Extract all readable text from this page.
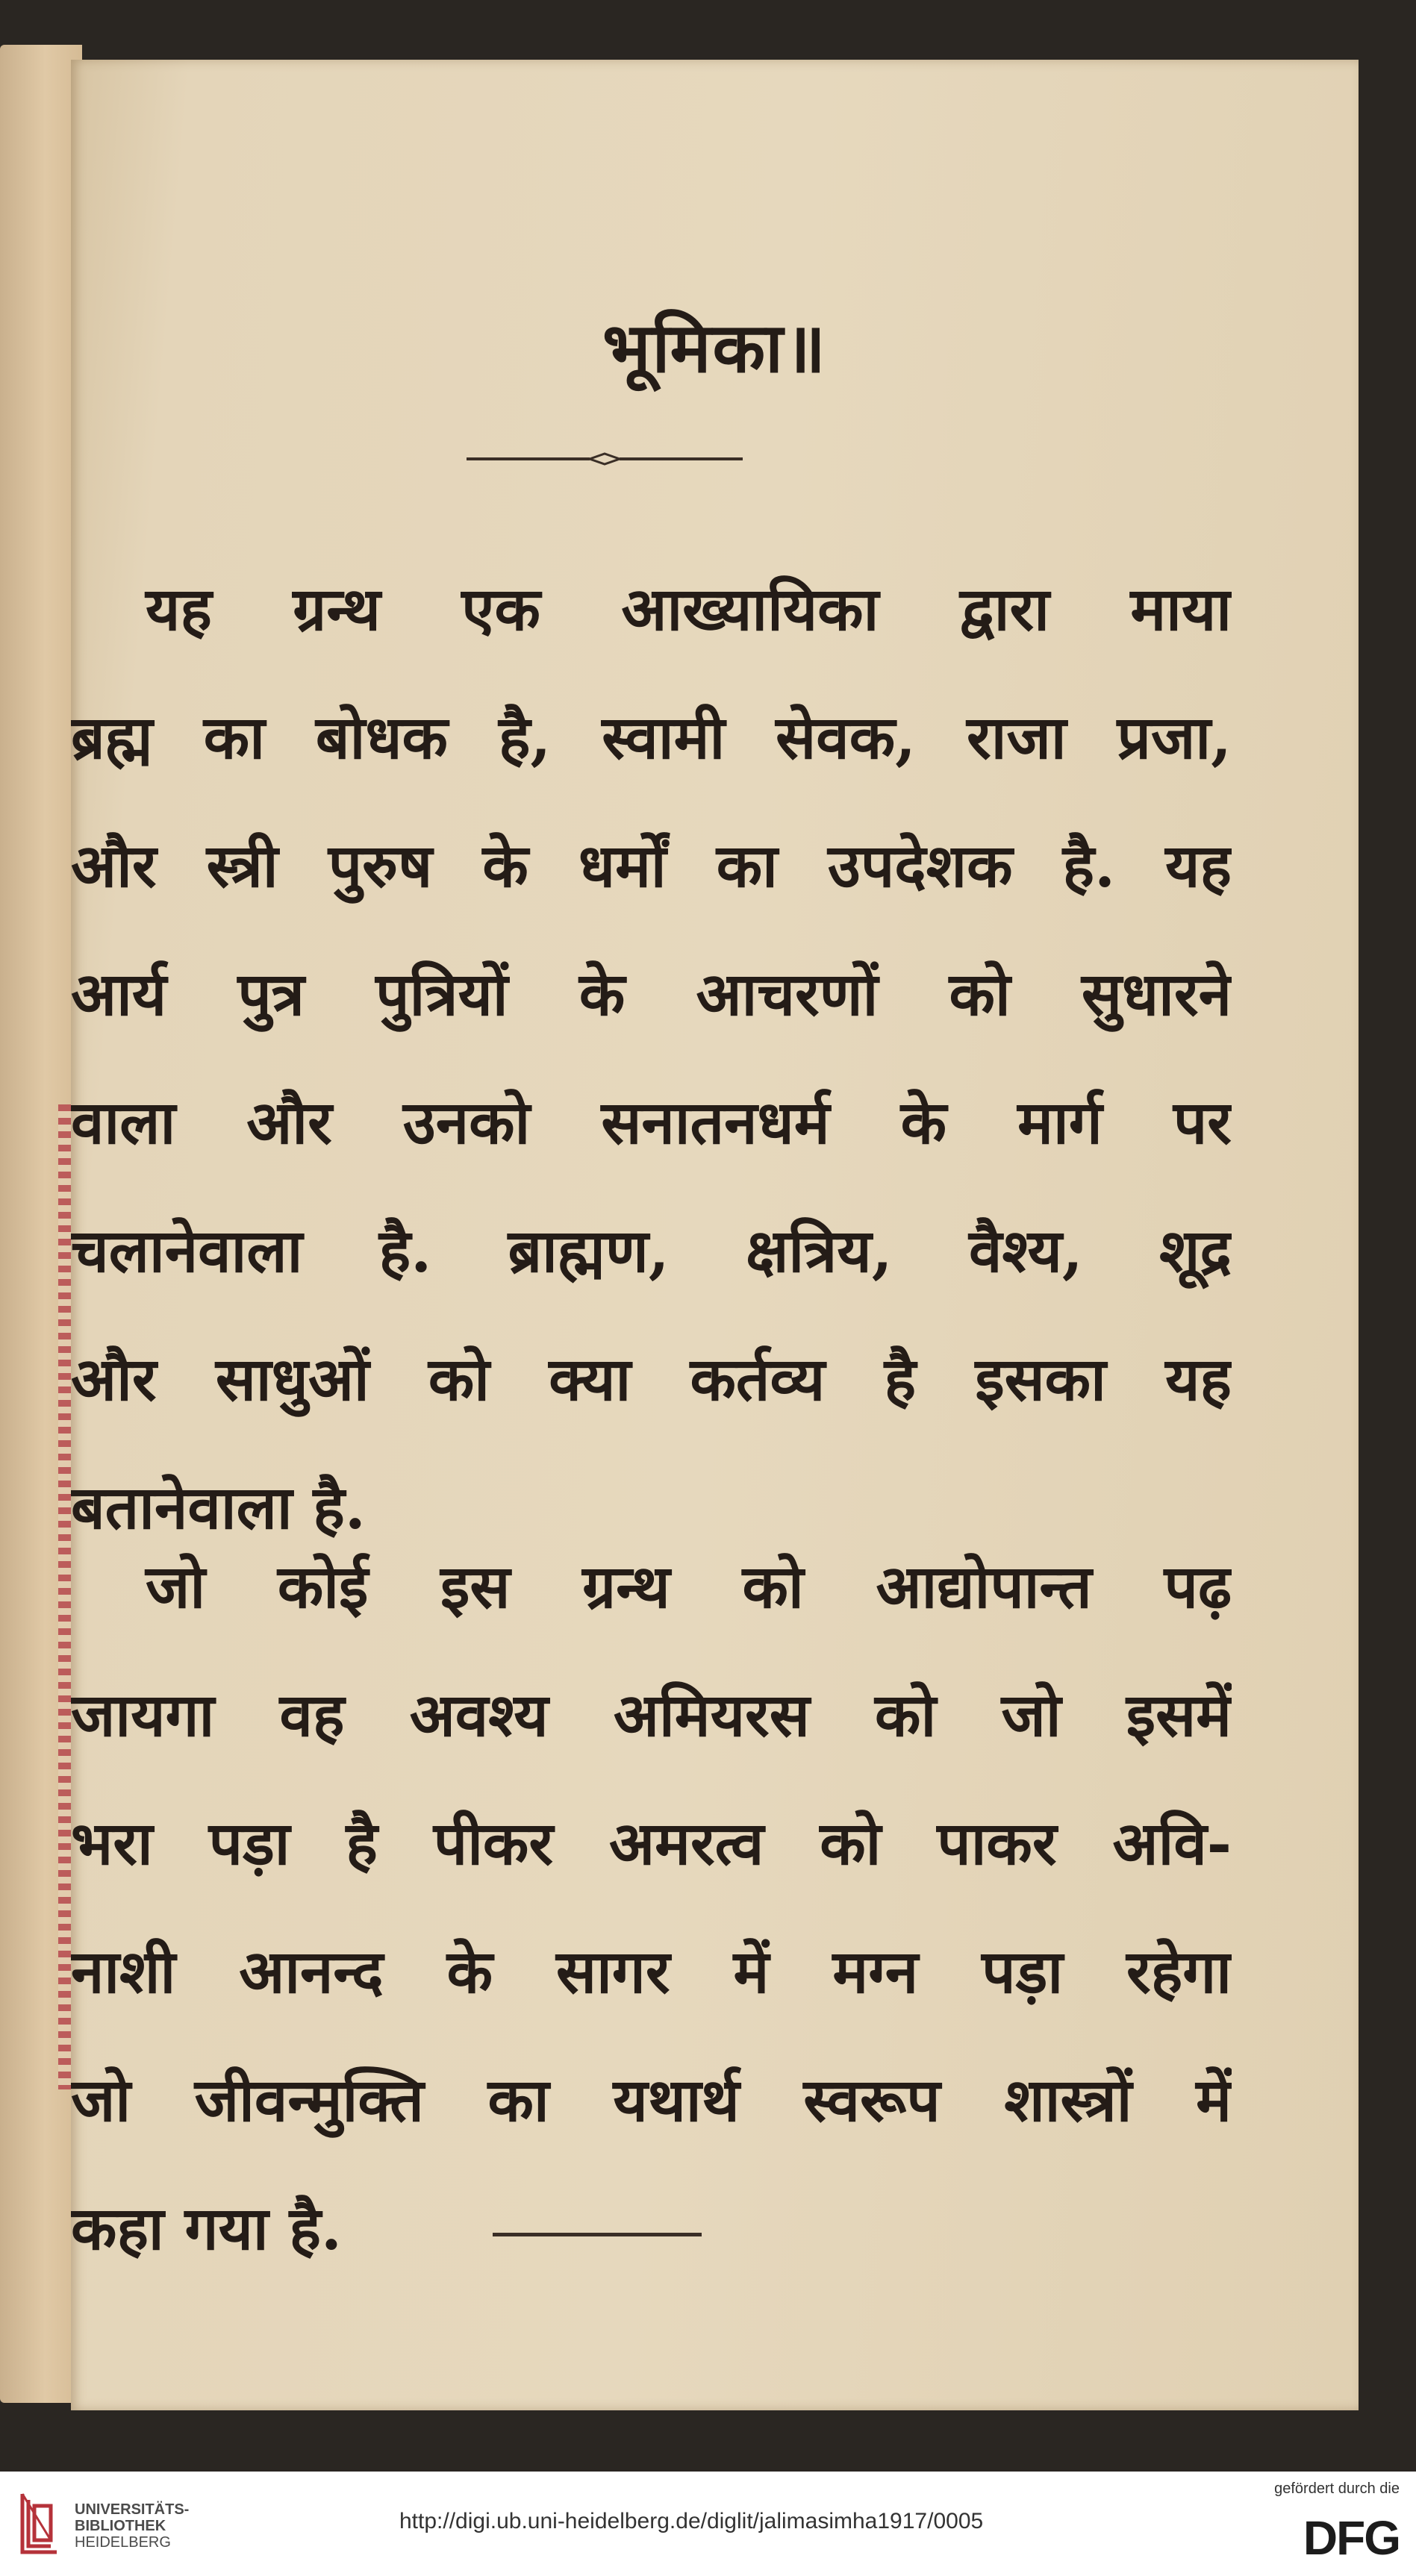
भूमिका॥
यह ग्रन्थ एक आख्यायिका द्वारा माया
ब्रह्म का बोधक है, स्वामी सेवक, राजा प्रजा,
और स्त्री पुरुष के धर्मों का उपदेशक है. यह
आर्य पुत्र पुत्रियों के आचरणों को सुधारने
वाला और उनको सनातनधर्म के मार्ग पर
चलानेवाला है. ब्राह्मण, क्षत्रिय, वैश्य, शूद्र
और साधुओं को क्या कर्तव्य है इसका यह
बतानेवाला है.
जो कोई इस ग्रन्थ को आद्योपान्त पढ़
जायगा वह अवश्य अमियरस को जो इसमें
भरा पड़ा है पीकर अमरत्व को पाकर अवि-
नाशी आनन्द के सागर में मग्न पड़ा रहेगा
जो जीवन्मुक्ति का यथार्थ स्वरूप शास्त्रों में
कहा गया है.
UNIVERSITÄTS-
BIBLIOTHEK
HEIDELBERG
http://digi.ub.uni-heidelberg.de/diglit/jalimasimha1917/0005
gefördert durch die
DFG
